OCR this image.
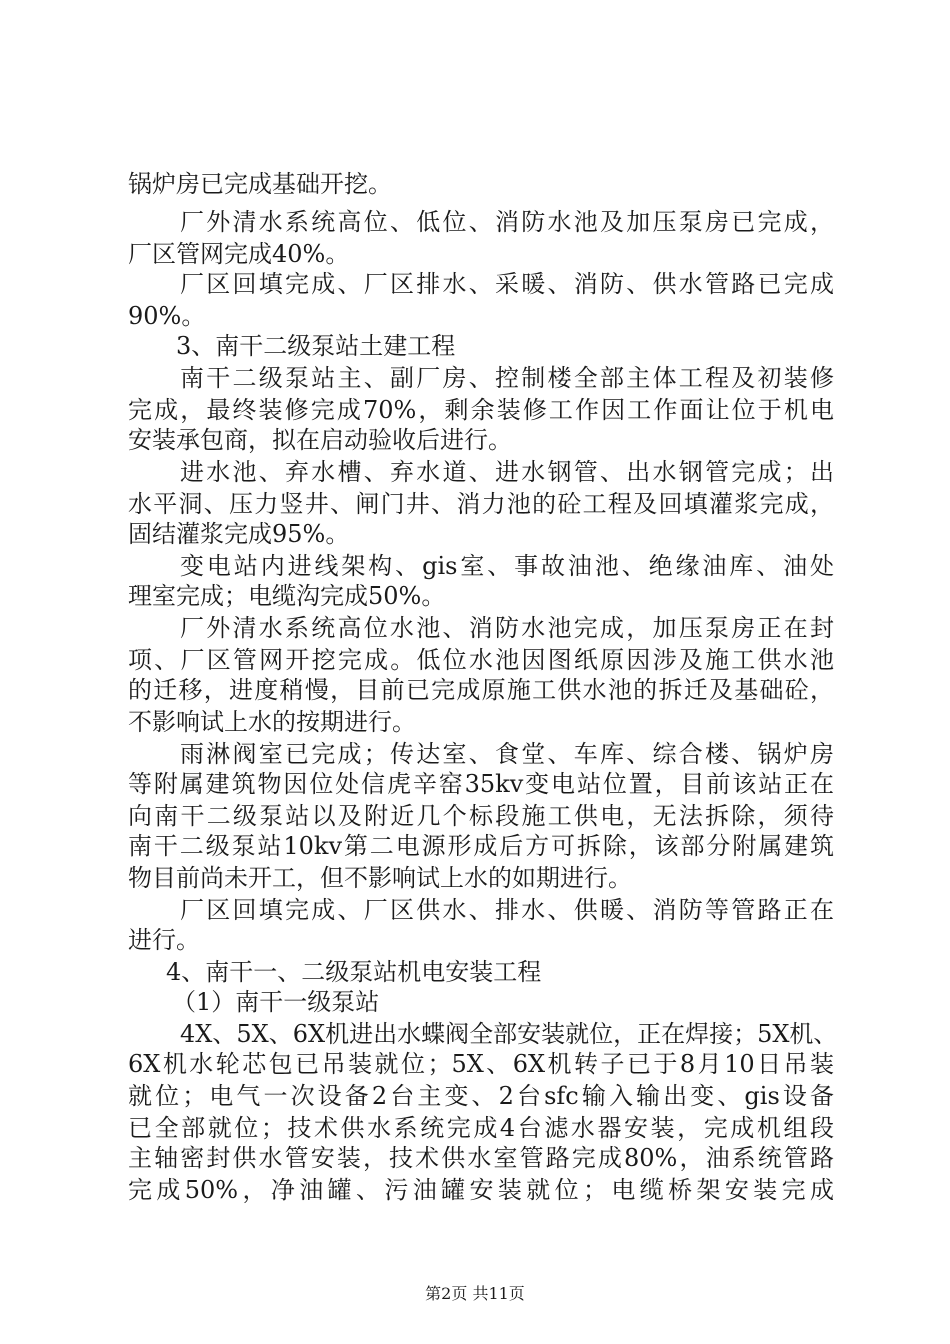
锅炉房已完成基础开挖。
厂外清水系统高位、低位、消防水池及加压泵房已完成，
厂区管网完成40%。
厂区回填完成、厂区排水、采暖、消防、供水管路已完成
90%。
3、南干二级泵站土建工程
南干二级泵站主、副厂房、控制楼全部主体工程及初装修
完成，最终装修完成70%，剩余装修工作因工作面让位于机电
安装承包商，拟在启动验收后进行。
进水池、弃水槽、弃水道、进水钢管、出水钢管完成；出
水平洞、压力竖井、闸门井、消力池的砼工程及回填灌浆完成，
固结灌浆完成95%。
变电站内进线架构、gis室、事故油池、绝缘油库、油处
理室完成；电缆沟完成50%。
厂外清水系统高位水池、消防水池完成，加压泵房正在封
项、厂区管网开挖完成。低位水池因图纸原因涉及施工供水池
的迁移，进度稍慢，目前已完成原施工供水池的拆迁及基础砼，
不影响试上水的按期进行。
雨淋阀室已完成；传达室、食堂、车库、综合楼、锅炉房
等附属建筑物因位处信虎辛窑35kv变电站位置，目前该站正在
向南干二级泵站以及附近几个标段施工供电，无法拆除，须待
南干二级泵站10kv第二电源形成后方可拆除，该部分附属建筑
物目前尚未开工，但不影响试上水的如期进行。
厂区回填完成、厂区供水、排水、供暖、消防等管路正在
进行。
4、南干一、二级泵站机电安装工程
（1）南干一级泵站
4X、5X、6X机进出水蝶阀全部安装就位，正在焊接；5X机、
6X机水轮芯包已吊装就位；5X、6X机转子已于8月10日吊装
就位；电气一次设备2台主变、2台sfc输入输出变、gis设备
已全部就位；技术供水系统完成4台滤水器安装，完成机组段
主轴密封供水管安装，技术供水室管路完成80%，油系统管路
完成50%，净油罐、污油罐安装就位；电缆桥架安装完成
第2页 共11页
